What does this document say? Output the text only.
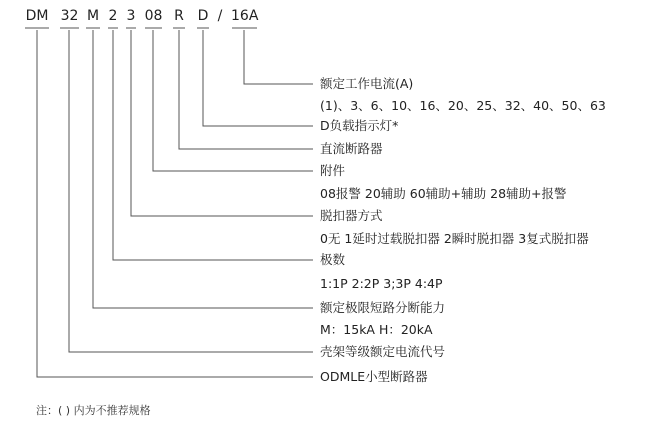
DM 32 M 2 3 08 R D / 16A
额定工作电流(A)
(1)、3、6、10、16、20、25、32、40、50、63
D负载指示灯*
直流断路器
附件
08报警 20辅助 60辅助+辅助 28辅助+报警
脱扣器方式
0无 1延时过载脱扣器 2瞬时脱扣器 3复式脱扣器
极数
1:1P 2:2P 3;3P 4:4P
额定极限短路分断能力
M：15kA H：20kA
壳架等级额定电流代号
ODMLE小型断路器
注：( ) 内为不推荐规格
